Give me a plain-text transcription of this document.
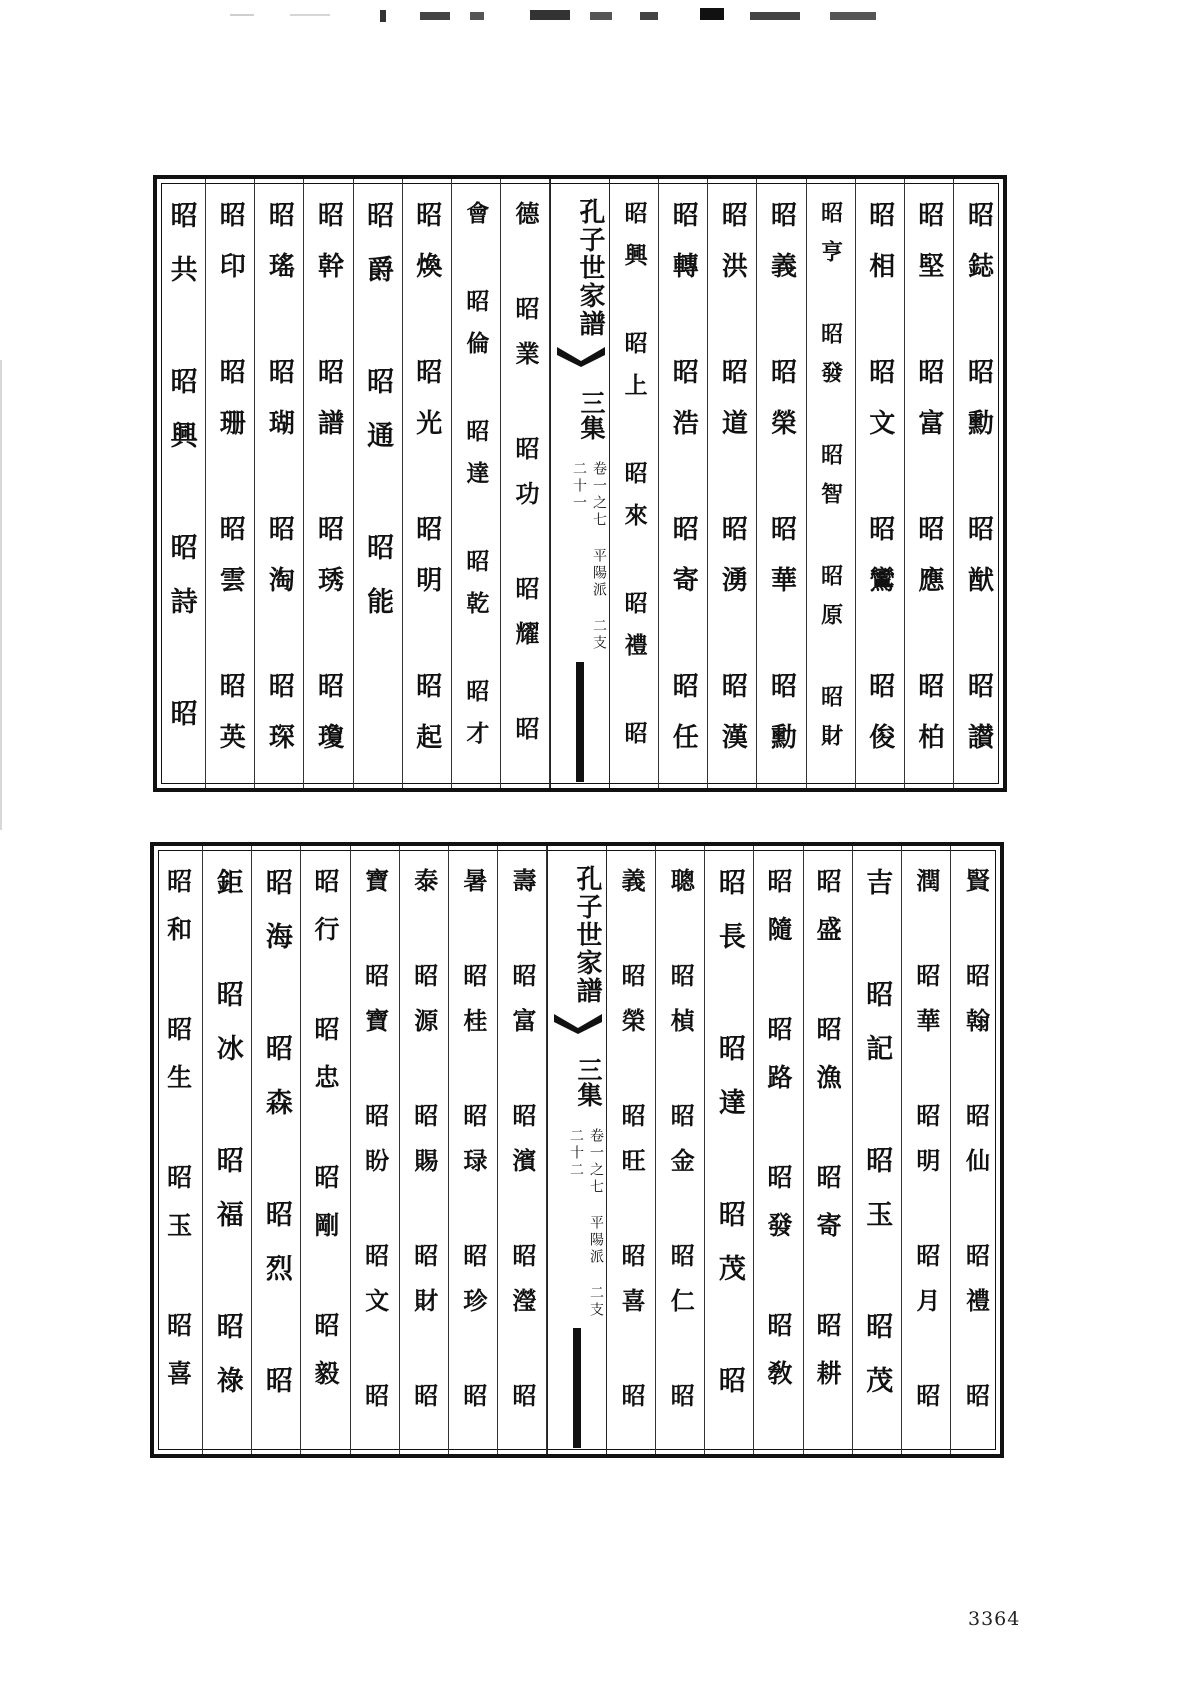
昭鋕 昭勳 昭猷 昭讃
昭堅 昭富 昭應 昭柏
昭相 昭文 昭鸞 昭俊
昭亨 昭發 昭智 昭原 昭財
昭義 昭榮 昭華 昭勳
昭洪 昭道 昭湧 昭漢
昭轉 昭浩 昭寄 昭任
昭興 昭上 昭來 昭禮 昭
德 昭業 昭功 昭耀 昭
會 昭倫 昭達 昭乾 昭才
昭煥 昭光 昭明 昭起
昭爵 昭通 昭能
昭幹 昭譜 昭琇 昭瓊
昭瑤 昭瑚 昭淘 昭琛
昭印 昭珊 昭雲 昭英
昭共 昭興 昭詩 昭	孔子世家譜
三集
卷一之七 平陽派 二支 二十一
賢 昭翰 昭仙 昭禮 昭
潤 昭華 昭明 昭月 昭
吉 昭記 昭玉 昭茂
昭盛 昭漁 昭寄 昭耕
昭隨 昭路 昭發 昭敎
昭長 昭達 昭茂 昭
聰 昭楨 昭金 昭仁 昭
義 昭榮 昭旺 昭喜 昭
壽 昭富 昭濱 昭瀅 昭
暑 昭桂 昭琭 昭珍 昭
泰 昭源 昭賜 昭財 昭
寶 昭寶 昭盼 昭文 昭
昭行 昭忠 昭剛 昭毅
昭海 昭森 昭烈 昭
鉅 昭冰 昭福 昭祿
昭和 昭生 昭玉 昭喜	孔子世家譜
三集
卷一之七 平陽派 二支 二十二
3364
